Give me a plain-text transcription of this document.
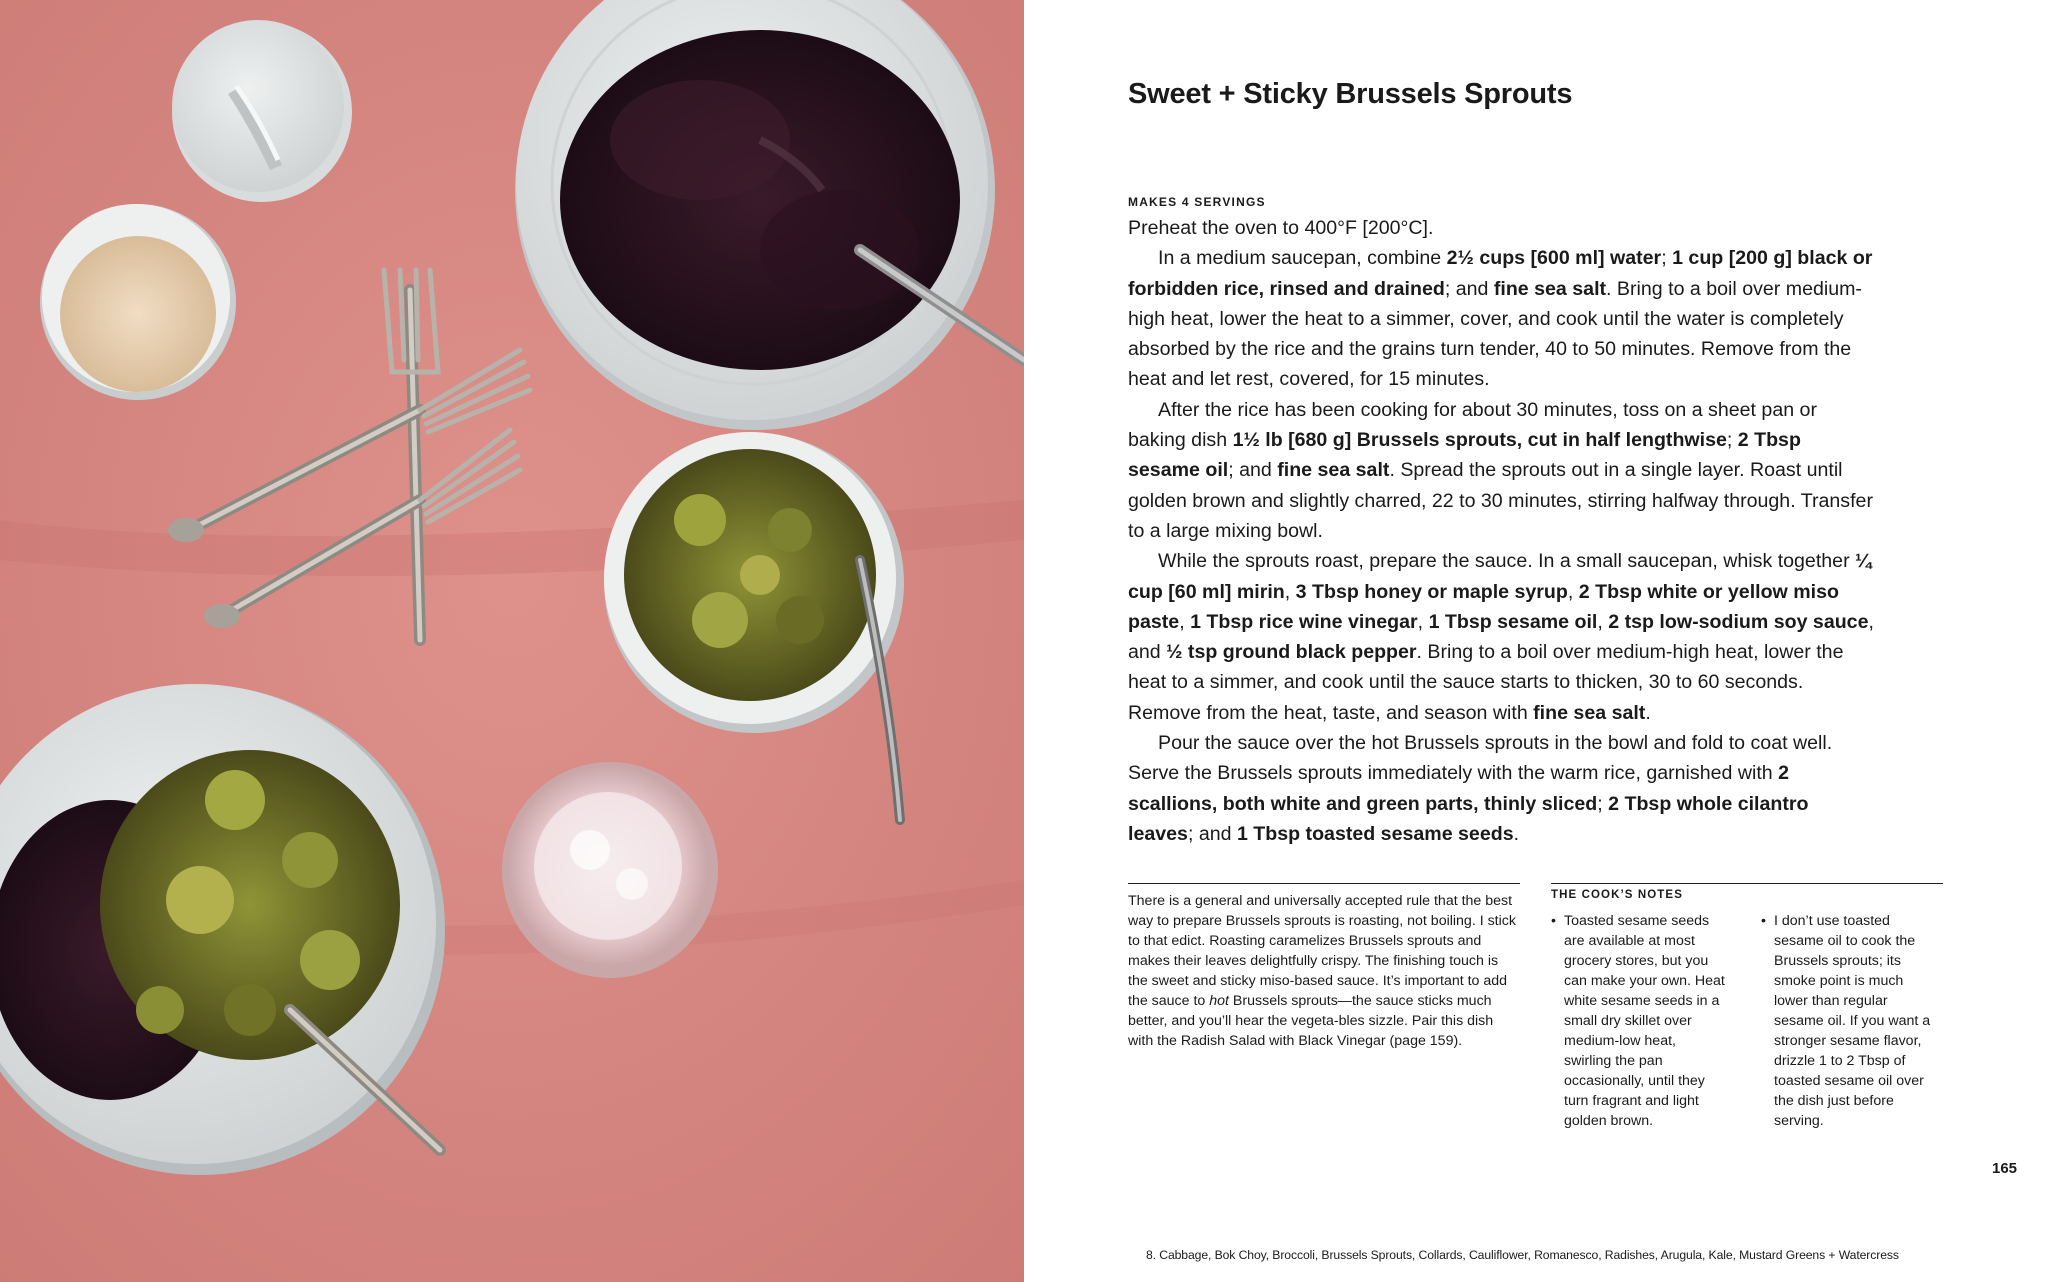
Sweet + Sticky Brussels Sprouts
MAKES 4 SERVINGS

Preheat the oven to 400°F [200°C].

In a medium saucepan, combine 2½ cups [600 ml] water; 1 cup [200 g] black or forbidden rice, rinsed and drained; and fine sea salt. Bring to a boil over medium-high heat, lower the heat to a simmer, cover, and cook until the water is completely absorbed by the rice and the grains turn tender, 40 to 50 minutes. Remove from the heat and let rest, covered, for 15 minutes.

After the rice has been cooking for about 30 minutes, toss on a sheet pan or baking dish 1½ lb [680 g] Brussels sprouts, cut in half lengthwise; 2 Tbsp sesame oil; and fine sea salt. Spread the sprouts out in a single layer. Roast until golden brown and slightly charred, 22 to 30 minutes, stirring halfway through. Transfer to a large mixing bowl.

While the sprouts roast, prepare the sauce. In a small saucepan, whisk together ¼ cup [60 ml] mirin, 3 Tbsp honey or maple syrup, 2 Tbsp white or yellow miso paste, 1 Tbsp rice wine vinegar, 1 Tbsp sesame oil, 2 tsp low-sodium soy sauce, and ½ tsp ground black pepper. Bring to a boil over medium-high heat, lower the heat to a simmer, and cook until the sauce starts to thicken, 30 to 60 seconds. Remove from the heat, taste, and season with fine sea salt.

Pour the sauce over the hot Brussels sprouts in the bowl and fold to coat well. Serve the Brussels sprouts immediately with the warm rice, garnished with 2 scallions, both white and green parts, thinly sliced; 2 Tbsp whole cilantro leaves; and 1 Tbsp toasted sesame seeds.

There is a general and universally accepted rule that the best way to prepare Brussels sprouts is roasting, not boiling. I stick to that edict. Roasting caramelizes Brussels sprouts and makes their leaves delightfully crispy. The finishing touch is the sweet and sticky miso-based sauce. It’s important to add the sauce to hot Brussels sprouts—the sauce sticks much better, and you’ll hear the vegeta-bles sizzle. Pair this dish with the Radish Salad with Black Vinegar (page 159).

THE COOK’S NOTES
• Toasted sesame seeds are available at most grocery stores, but you can make your own. Heat white sesame seeds in a small dry skillet over medium-low heat, swirling the pan occasionally, until they turn fragrant and light golden brown.
• I don’t use toasted sesame oil to cook the Brussels sprouts; its smoke point is much lower than regular sesame oil. If you want a stronger sesame flavor, drizzle 1 to 2 Tbsp of toasted sesame oil over the dish just before serving.
165
8. Cabbage, Bok Choy, Broccoli, Brussels Sprouts, Collards, Cauliflower, Romanesco, Radishes, Arugula, Kale, Mustard Greens + Watercress
